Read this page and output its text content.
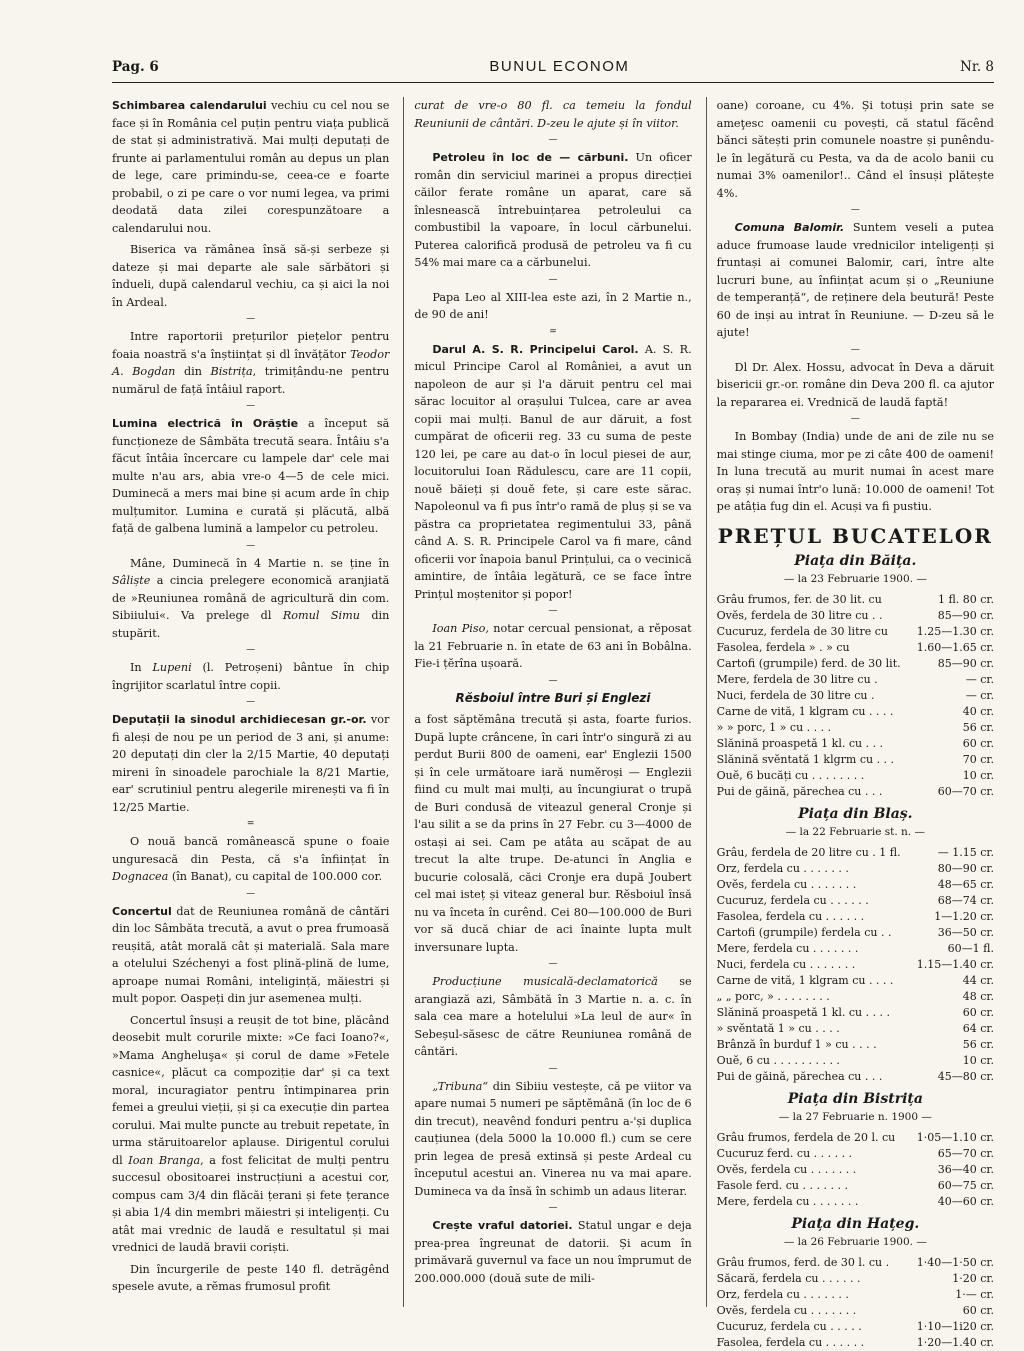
Pag. 6	BUNUL ECONOM	Nr. 8

Schimbarea calendarului vechiu cu cel nou se face și în România cel puțin pentru viața publică de stat și administrativă. Mai mulți deputați de frunte ai parlamentului român au depus un plan de lege, care primindu-se, ceea-ce e foarte probabil, o zi pe care o vor numi legea, va primi deodată data zilei corespunzătoare a calendarului nou.

Biserica va rămânea însă să-și serbeze și dateze și mai departe ale sale sărbători și îndueli, după calendarul vechiu, ca și aici la noi în Ardeal.

—

Intre raportorii prețurilor piețelor pentru foaia noastră s'a înștiințat și dl învățător Teodor A. Bogdan din Bistrița, trimițându-ne pentru numărul de față întâiul raport.

—

Lumina electrică în Orăștie a început să funcționeze de Sâmbăta trecută seara. Întâiu s'a făcut întâia încercare cu lampele dar' cele mai multe n'au ars, abia vre-o 4—5 de cele mici. Duminecă a mers mai bine și acum arde în chip mulțumitor. Lumina e curată și plăcută, albă față de galbena lumină a lampelor cu petroleu.

—

Mâne, Duminecă în 4 Martie n. se ține în Sâliște a cincia prelegere economică aranjiată de »Reuniunea română de agricultură din com. Sibiiului«. Va prelege dl Romul Simu din stupărit.

—

In Lupeni (l. Petroșeni) bântue în chip îngrijitor scarlatul între copii.

—

Deputații la sinodul archidiecesan gr.-or. vor fi aleși de nou pe un period de 3 ani, și anume: 20 deputați din cler la 2/15 Martie, 40 deputați mireni în sinoadele parochiale la 8/21 Martie, ear' scrutiniul pentru alegerile mirenești va fi în 12/25 Martie.

=

O nouă bancă românească spune o foaie unguresacă din Pesta, că s'a înființat în Dognacea (în Banat), cu capital de 100.000 cor.

—

Concertul dat de Reuniunea română de cântări din loc Sâmbăta trecută, a avut o prea frumoasă reușită, atât morală cât și materială. Sala mare a otelului Széchenyi a fost plină-plină de lume, aproape numai Români, inteligință, măiestri și mult popor. Oaspeți din jur asemenea mulți.

Concertul însuși a reușit de tot bine, plăcând deosebit mult corurile mixte: »Ce faci Ioano?«, »Mama Angheluşa« și corul de dame »Fetele casnice«, plăcut ca compoziție dar' și ca text moral, incuragiator pentru întimpinarea prin femei a greului vieții, și și ca execuție din partea corului. Mai multe puncte au trebuit repetate, în urma stăruitoarelor aplause. Dirigentul corului dl Ioan Branga, a fost felicitat de mulți pentru succesul obositoarei instrucțiuni a acestui cor, compus cam 3/4 din flăcăi țerani și fete țerance și abia 1/4 din membri măiestri și inteligenți. Cu atât mai vrednic de laudă e resultatul și mai vrednici de laudă bravii coriști.

Din încurgerile de peste 140 fl. detrăgênd spesele avute, a rĕmas frumosul profit

curat de vre-o 80 fl. ca temeiu la fondul Reuniunii de cântări. D-zeu le ajute și în viitor.

—

Petroleu în loc de — cărbuni. Un oficer român din serviciul marinei a propus direcției căilor ferate române un aparat, care să înlesnească întrebuințarea petroleului ca combustibil la vapoare, în locul cărbunelui. Puterea calorifică produsă de petroleu va fi cu 54% mai mare ca a cărbunelui.

—

Papa Leo al XIII-lea este azi, în 2 Martie n., de 90 de ani!

=

Darul A. S. R. Principelui Carol. A. S. R. micul Principe Carol al României, a avut un napoleon de aur și l'a dăruit pentru cel mai sărac locuitor al orașului Tulcea, care ar avea copii mai mulți. Banul de aur dăruit, a fost cumpărat de oficerii reg. 33 cu suma de peste 120 lei, pe care au dat-o în locul piesei de aur, locuitorului Ioan Rădulescu, care are 11 copii, nouĕ băieți și douĕ fete, și care este sărac. Napoleonul va fi pus într'o ramă de pluș și se va păstra ca proprietatea regimentului 33, până când A. S. R. Principele Carol va fi mare, când oficerii vor înapoia banul Prințului, ca o vecinică amintire, de întâia legătură, ce se face între Prințul moștenitor și popor!

—

Ioan Piso, notar cercual pensionat, a rĕposat la 21 Februarie n. în etate de 63 ani în Bobâlna. Fie-i țĕrîna ușoară.

—

Rĕsboiul între Buri și Englezi

a fost săptĕmâna trecută și asta, foarte furios. După lupte crâncene, în cari într'o singură zi au perdut Burii 800 de oameni, ear' Englezii 1500 și în cele următoare iară numĕroși — Englezii fiind cu mult mai mulți, au încungiurat o trupă de Buri condusă de viteazul general Cronje și l'au silit a se da prins în 27 Febr. cu 3—4000 de ostași ai sei. Cam pe atâta au scăpat de au trecut la alte trupe. De-atunci în Anglia e bucurie colosală, căci Cronje era după Joubert cel mai isteț și viteaz general bur. Rĕsboiul însă nu va înceta în curênd. Cei 80—100.000 de Buri vor să ducă chiar de aci înainte lupta mult inversunare lupta.

—

Producțiune musicală-declamatorică se arangiază azi, Sâmbătă în 3 Martie n. a. c. în sala cea mare a hotelului »La leul de aur« în Sebeșul-săsesc de către Reuniunea română de cântări.

—

„Tribuna“ din Sibiiu vestește, că pe viitor va apare numai 5 numeri pe săptĕmână (în loc de 6 din trecut), neavênd fonduri pentru a-'și duplica cauțiunea (dela 5000 la 10.000 fl.) cum se cere prin legea de presă extinsă și peste Ardeal cu începutul acestui an. Vinerea nu va mai apare. Dumineca va da însă în schimb un adaus literar.

—

Crește vraful datoriei. Statul ungar e deja prea-prea îngreunat de datorii. Și acum în primăvară guvernul va face un nou împrumut de 200.000.000 (două sute de mili-

oane) coroane, cu 4%. Și totuși prin sate se ameţesc oamenii cu povești, că statul făcênd bănci sătești prin comunele noastre și punêndu-le în legătură cu Pesta, va da de acolo banii cu numai 3% oamenilor!.. Când el însuși plătește 4%.

—

Comuna Balomir. Suntem veseli a putea aduce frumoase laude vrednicilor inteligenți și fruntași ai comunei Balomir, cari, între alte lucruri bune, au înființat acum și o „Reuniune de temperanță“, de reținere dela beutură! Peste 60 de inși au intrat în Reuniune. — D-zeu să le ajute!

—

Dl Dr. Alex. Hossu, advocat în Deva a dăruit bisericii gr.-or. române din Deva 200 fl. ca ajutor la repararea ei. Vrednică de laudă faptă!

—

In Bombay (India) unde de ani de zile nu se mai stinge ciuma, mor pe zi câte 400 de oameni! In luna trecută au murit numai în acest mare oraș și numai într'o lună: 10.000 de oameni! Tot pe atâția fug din el. Acuși va fi pustiu.

PREȚUL BUCATELOR
Piața din Băița.
— la 23 Februarie 1900. —
Grâu frumos, fer. de 30 lit. cu	1 fl. 80 cr.
Ovĕs, ferdela de 30 litre cu . .	85—90 cr.
Cucuruz, ferdela de 30 litre cu	1.25—1.30 cr.
Fasolea, ferdela » . » cu	1.60—1.65 cr.
Cartofi (grumpile) ferd. de 30 lit.	85—90 cr.
Mere, ferdela de 30 litre cu .	— cr.
Nuci, ferdela de 30 litre cu .	— cr.
Carne de vită, 1 klgram cu . . . .	40 cr.
» » porc, 1 » cu . . . .	56 cr.
Slănină proaspetă 1 kl. cu . . .	60 cr.
Slănină svĕntată 1 klgrm cu . . .	70 cr.
Ouĕ, 6 bucăți cu . . . . . . . .	10 cr.
Pui de găină, părechea cu . . .	60—70 cr.
Piața din Blaș.
— la 22 Februarie st. n. —
Grâu, ferdela de 20 litre cu . 1 fl.	— 1.15 cr.
Orz, ferdela cu . . . . . . .	80—90 cr.
Ovĕs, ferdela cu . . . . . . .	48—65 cr.
Cucuruz, ferdela cu . . . . . .	68—74 cr.
Fasolea, ferdela cu . . . . . .	1—1.20 cr.
Cartofi (grumpile) ferdela cu . .	36—50 cr.
Mere, ferdela cu . . . . . . .	60—1 fl.
Nuci, ferdela cu . . . . . . .	1.15—1.40 cr.
Carne de vită, 1 klgram cu . . . .	44 cr.
„ „ porc, » . . . . . . . .	48 cr.
Slănină proaspetă 1 kl. cu . . . .	60 cr.
» svĕntată 1 » cu . . . .	64 cr.
Brânză în burduf 1 » cu . . . .	56 cr.
Ouĕ, 6 cu . . . . . . . . . .	10 cr.
Pui de găină, părechea cu . . .	45—80 cr.
Piața din Bistrița
— la 27 Februarie n. 1900 —
Grâu frumos, ferdela de 20 l. cu	1·05—1.10 cr.
Cucuruz ferd. cu . . . . . .	65—70 cr.
Ovĕs, ferdela cu . . . . . . .	36—40 cr.
Fasole ferd. cu . . . . . . .	60—75 cr.
Mere, ferdela cu . . . . . . .	40—60 cr.
Piața din Hațeg.
— la 26 Februarie 1900. —
Grâu frumos, ferd. de 30 l. cu .	1·40—1·50 cr.
Săcară, ferdela cu . . . . . .	1·20 cr.
Orz, ferdela cu . . . . . . .	1·— cr.
Ovĕs, ferdela cu . . . . . . .	60 cr.
Cucuruz, ferdela cu . . . . .	1·10—1i20 cr.
Fasolea, ferdela cu . . . . . .	1·20—1.40 cr.
